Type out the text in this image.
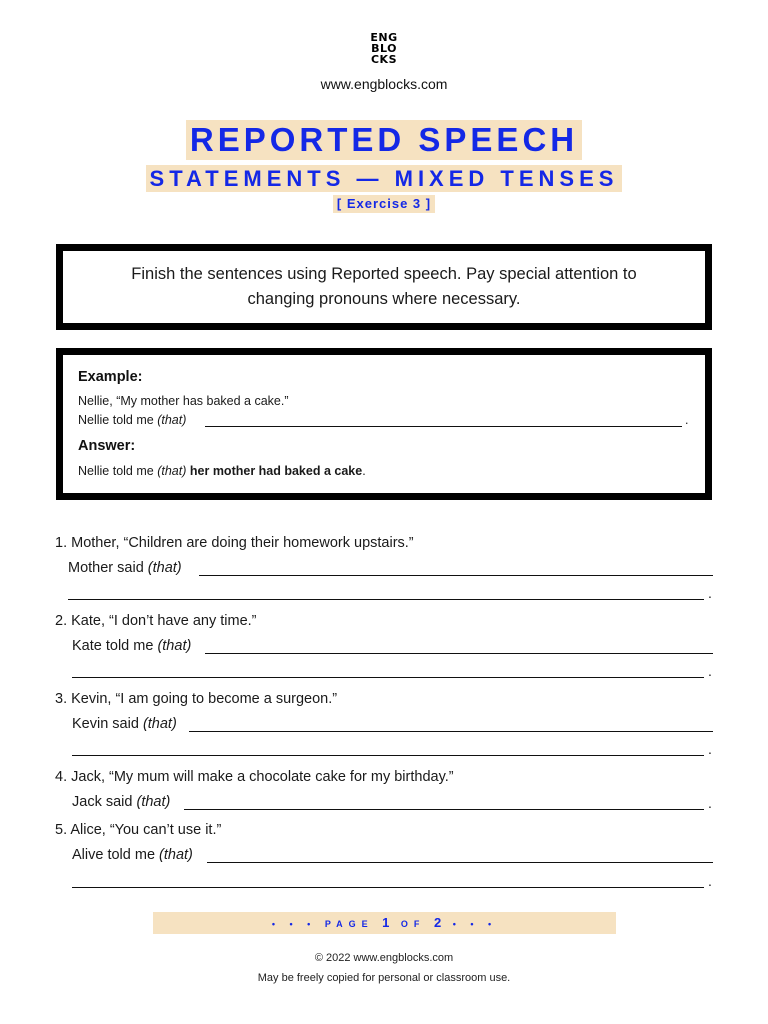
ENG
BLO
CKS
www.engblocks.com
REPORTED SPEECH
STATEMENTS — MIXED TENSES
[ Exercise 3 ]

Finish the sentences using Reported speech. Pay special attention to changing pronouns where necessary.

Example:
Nellie, “My mother has baked a cake.”
Nellie told me (that)	.
Answer:
Nellie told me (that) her mother had baked a cake.
1. Mother, “Children are doing their homework upstairs.”
Mother said (that)
.
2. Kate, “I don’t have any time.”
Kate told me (that)
.
3. Kevin, “I am going to become a surgeon.”
Kevin said (that)
.
4. Jack, “My mum will make a chocolate cake for my birthday.”
Jack said (that)	.
5. Alice, “You can’t use it.”
Alive told me (that)
.
• • • PAGE 1 OF 2 • • •
© 2022 www.engblocks.com
May be freely copied for personal or classroom use.
